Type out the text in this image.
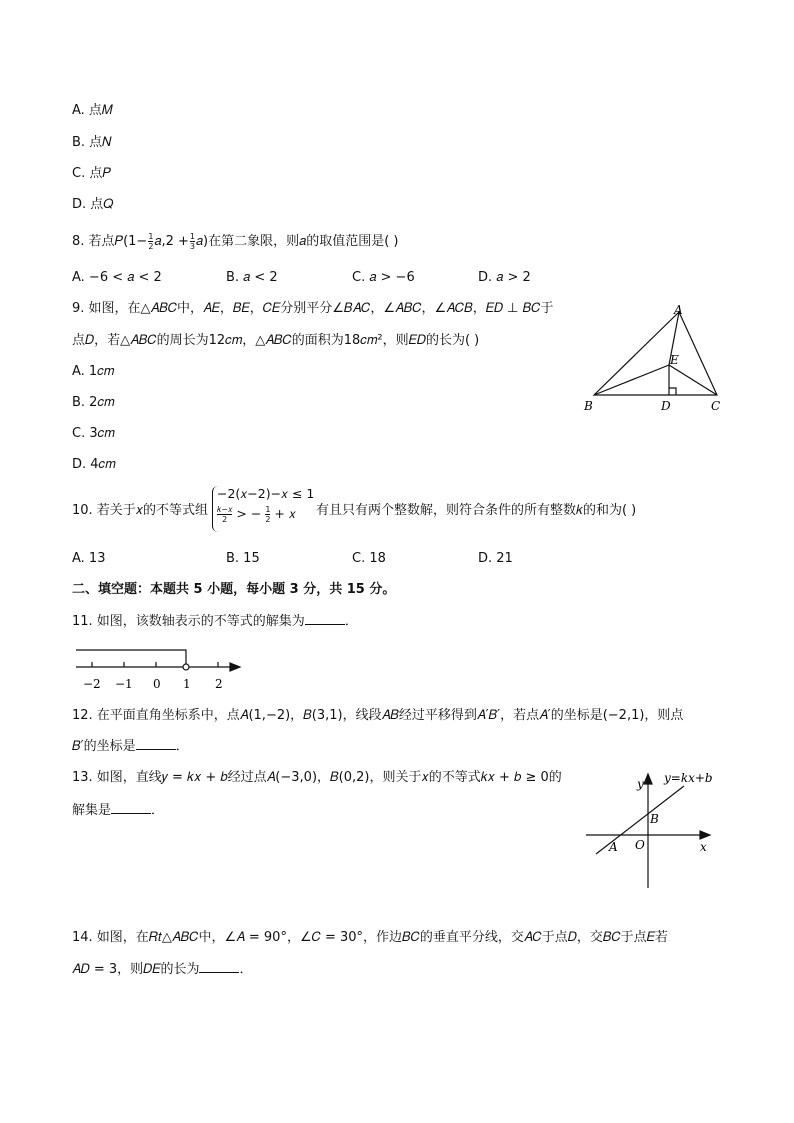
A. 点𝑀
B. 点𝑁
C. 点𝑃
D. 点𝑄
8. 若点𝑃(1− $\frac{1}{2}$ 𝑎,2 + $\frac{1}{3}$ 𝑎)在第二象限，则𝑎的取值范围是( )
A. −6 < 𝑎 < 2	B. 𝑎 < 2	C. 𝑎 > −6	D. 𝑎 > 2
9. 如图，在△𝐴𝐵𝐶中，𝐴𝐸，𝐵𝐸，𝐶𝐸分别平分∠𝐵𝐴𝐶，∠𝐴𝐵𝐶，∠𝐴𝐶𝐵，𝐸𝐷 ⊥ 𝐵𝐶于
点𝐷，若△𝐴𝐵𝐶的周长为12𝑐𝑚，△𝐴𝐵𝐶的面积为18𝑐𝑚²，则𝐸𝐷的长为( )
A. 1𝑐𝑚
B. 2𝑐𝑚
C. 3𝑐𝑚
D. 4𝑐𝑚
A
B	C
D
E
10. 若关于𝑥的不等式组
−2(𝑥−2)−𝑥 ≤ 1
𝑘−𝑥
2 > − $\frac{1}{2}$ + 𝑥 有且只有两个整数解，则符合条件的所有整数𝑘的和为( )
A. 13	B. 15	C. 18	D. 21
二、填空题：本题共 5 小题，每小题 3 分，共 15 分。
11. 如图，该数轴表示的不等式的解集为	．
−2 −1 0 1 2
12. 在平面直角坐标系中，点𝐴(1,−2)，𝐵(3,1)，线段𝐴𝐵经过平移得到𝐴′𝐵′，若点𝐴′的坐标是(−2,1)，则点
𝐵′的坐标是	．
13. 如图，直线𝑦 = 𝑘𝑥 + 𝑏经过点𝐴(−3,0)，𝐵(0,2)，则关于𝑥的不等式𝑘𝑥 + 𝑏 ≥ 0的
解集是	．
y y=kx+b
B
O
A	x
14. 如图，在𝑅𝑡△𝐴𝐵𝐶中，∠𝐴 = 90°，∠𝐶 = 30°，作边𝐵𝐶的垂直平分线，交𝐴𝐶于点𝐷，交𝐵𝐶于点𝐸若
𝐴𝐷 = 3，则𝐷𝐸的长为	．
